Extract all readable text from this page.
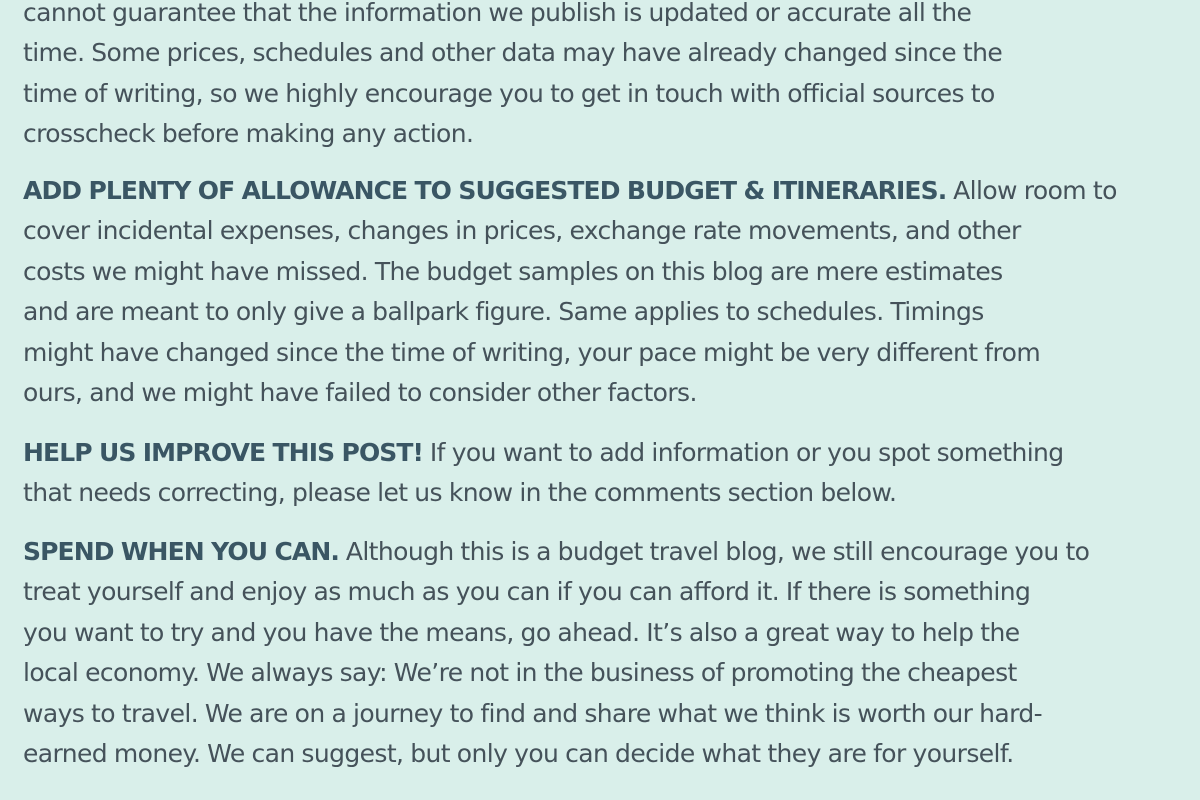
cannot guarantee that the information we publish is updated or accurate all the
time. Some prices, schedules and other data may have already changed since the
time of writing, so we highly encourage you to get in touch with official sources to
crosscheck before making any action.

ADD PLENTY OF ALLOWANCE TO SUGGESTED BUDGET & ITINERARIES. Allow room to
cover incidental expenses, changes in prices, exchange rate movements, and other
costs we might have missed. The budget samples on this blog are mere estimates
and are meant to only give a ballpark figure. Same applies to schedules. Timings
might have changed since the time of writing, your pace might be very different from
ours, and we might have failed to consider other factors.

HELP US IMPROVE THIS POST! If you want to add information or you spot something
that needs correcting, please let us know in the comments section below.

SPEND WHEN YOU CAN. Although this is a budget travel blog, we still encourage you to
treat yourself and enjoy as much as you can if you can afford it. If there is something
you want to try and you have the means, go ahead. It’s also a great way to help the
local economy. We always say: We’re not in the business of promoting the cheapest
ways to travel. We are on a journey to find and share what we think is worth our hard-
earned money. We can suggest, but only you can decide what they are for yourself.
